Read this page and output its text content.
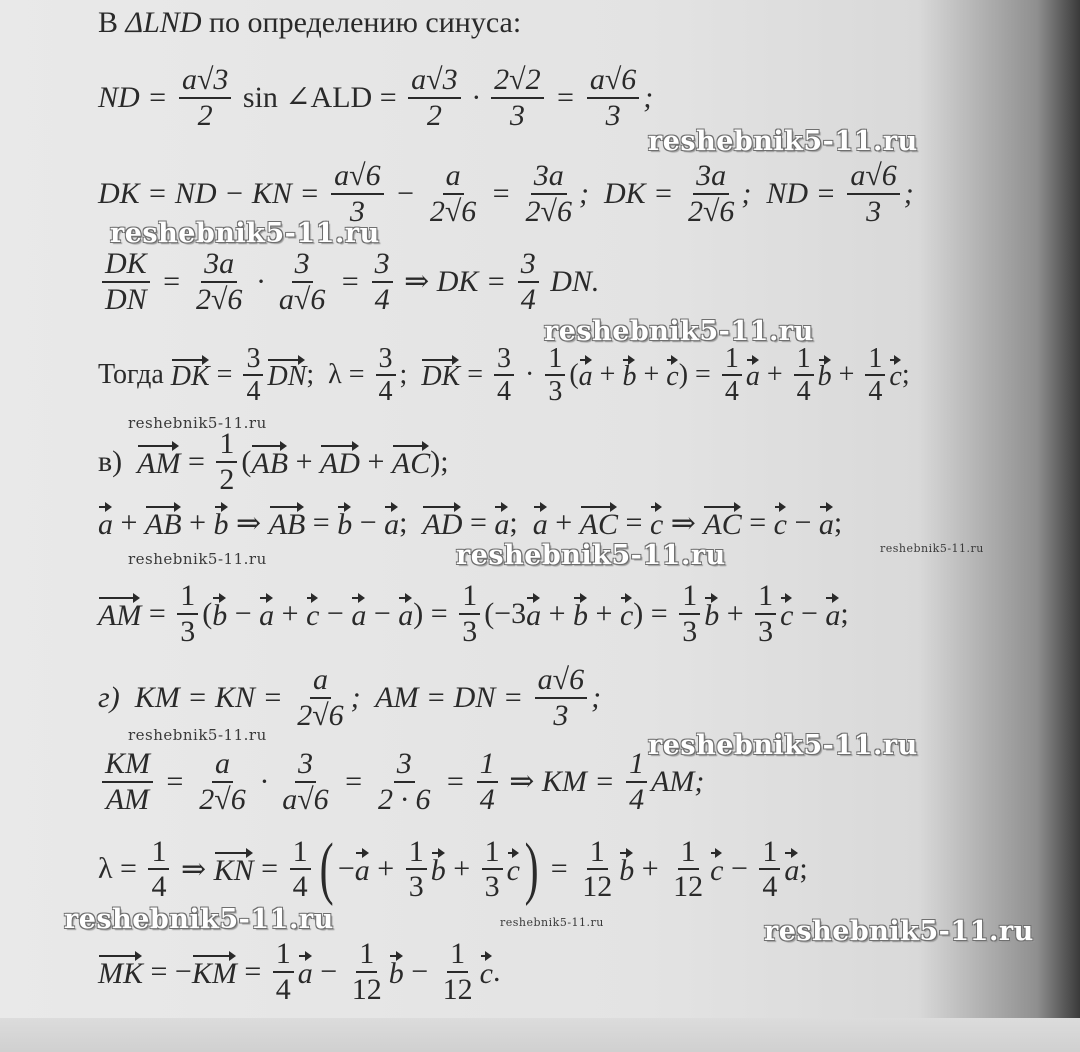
В ΔLND по определению синуса:
ND = $\frac{a√3}{2}$ sin ∠ALD = $\frac{a√3}{2} \cdot \frac{2√2}{3} = \frac{a√6}{3}$ ;
DK = ND − KN = $\frac{a√6}{3} - \frac{a}{2√6} = \frac{3a}{2√6}$ ;  DK = $\frac{3a}{2√6}$ ;  ND = $\frac{a√6}{3}$ ;
$\frac{DK}{DN} = \frac{3a}{2√6} \cdot \frac{3}{a√6} = \frac{3}{4}$ ⇒ DK = $\frac{3}{4}$ DN.
Тогда DK = $\frac{3}{4}$ DN ;  $\lambda = \frac{3}{4}$ ; DK = $\frac{3}{4} \cdot \frac{1}{3}$ ( a + b + c ) = $\frac{1}{4}$ $a + \frac{1}{4}$ $b + \frac{1}{4}$ c ;
в) AM = $\frac{1}{2}$ ( AB + AD + AC );
a + AB + b ⇒ AB = b − a ; AD = a ; a + AC = c ⇒ AC = c − a ;
AM = $\frac{1}{3}$ ( b − a + c − a − a ) = $\frac{1}{3} (-3$ a + b + c ) = $\frac{1}{3}$ $b + \frac{1}{3}$ c − a ;
г)  KM = KN = $\frac{a}{2√6}$ ;  AM = DN = $\frac{a√6}{3}$ ;
$\frac{KM}{AM} = \frac{a}{2√6} \cdot \frac{3}{a√6} = \frac{3}{2 \cdot 6} = \frac{1}{4}$ ⇒ KM = $\frac{1}{4}$ AM;
$\lambda = \frac{1}{4}$ ⇒ KN = $\frac{1}{4}$ ( − $a + \frac{1}{3}$ $b + \frac{1}{3}$ c ) = $\frac{1}{12}$ $b + \frac{1}{12}$ $c - \frac{1}{4}$ a ;
MK = − KM = $\frac{1}{4}$ $a - \frac{1}{12}$ $b - \frac{1}{12}$ c .
reshebnik5-11.ru
reshebnik5-11.ru
reshebnik5-11.ru
reshebnik5-11.ru
reshebnik5-11.ru	reshebnik5-11.ru	reshebnik5-11.ru
reshebnik5-11.ru	reshebnik5-11.ru
reshebnik5-11.ru	reshebnik5-11.ru	reshebnik5-11.ru
